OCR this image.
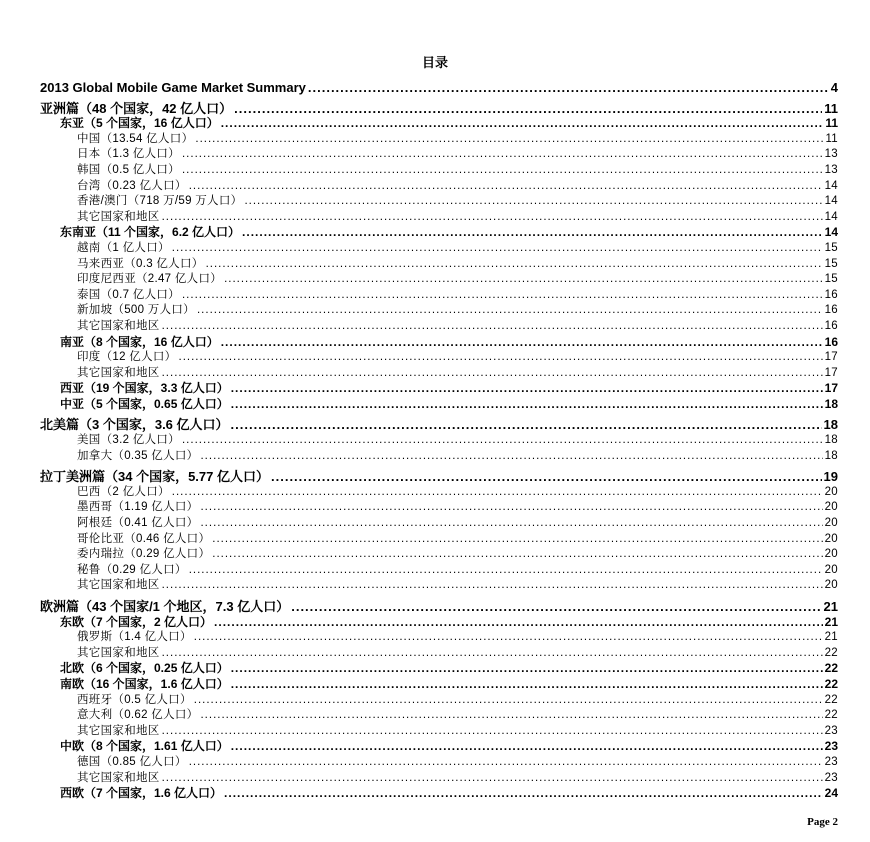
目录
2013 Global Mobile Game Market Summary .....	4
亚洲篇（48 个国家，42 亿人口） .....	11
东亚（5 个国家，16 亿人口） .....	11
中国（13.54 亿人口） .....	11
日本（1.3 亿人口） .....	13
韩国（0.5 亿人口） .....	13
台湾（0.23 亿人口） .....	14
香港/澳门（718 万/59 万人口） .....	14
其它国家和地区 .....	14
东南亚（11 个国家，6.2 亿人口） .....	14
越南（1 亿人口） .....	15
马来西亚（0.3 亿人口） .....	15
印度尼西亚（2.47 亿人口） .....	15
泰国（0.7 亿人口） .....	16
新加坡（500 万人口） .....	16
其它国家和地区 .....	16
南亚（8 个国家，16 亿人口） .....	16
印度（12 亿人口） .....	17
其它国家和地区 .....	17
西亚（19 个国家，3.3 亿人口） .....	17
中亚（5 个国家，0.65 亿人口） .....	18
北美篇（3 个国家，3.6 亿人口） .....	18
美国（3.2 亿人口） .....	18
加拿大（0.35 亿人口） .....	18
拉丁美洲篇（34 个国家，5.77 亿人口） .....	19
巴西（2 亿人口） .....	20
墨西哥（1.19 亿人口） .....	20
阿根廷（0.41 亿人口） .....	20
哥伦比亚（0.46 亿人口） .....	20
委内瑞拉（0.29 亿人口） .....	20
秘鲁（0.29 亿人口） .....	20
其它国家和地区 .....	20
欧洲篇（43 个国家/1 个地区，7.3 亿人口） .....	21
东欧（7 个国家，2 亿人口） .....	21
俄罗斯（1.4 亿人口） .....	21
其它国家和地区 .....	22
北欧（6 个国家，0.25 亿人口） .....	22
南欧（16 个国家，1.6 亿人口） .....	22
西班牙（0.5 亿人口） .....	22
意大利（0.62 亿人口） .....	22
其它国家和地区 .....	23
中欧（8 个国家，1.61 亿人口） .....	23
德国（0.85 亿人口） .....	23
其它国家和地区 .....	23
西欧（7 个国家，1.6 亿人口） .....	24
Page 2
